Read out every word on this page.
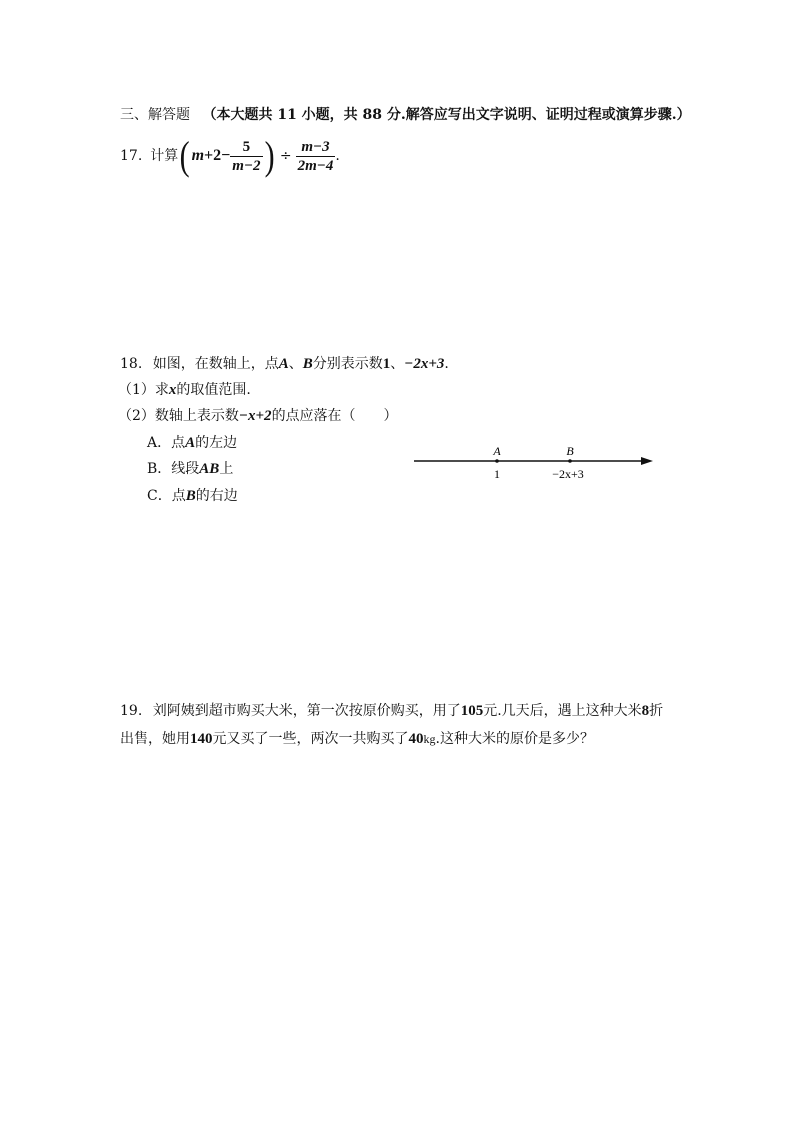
三、解答题 （本大题共 11 小题，共 88 分.解答应写出文字说明、证明过程或演算步骤.）
17. 计算 ( $m +2- \frac{5}{m-2}$ ) ÷ $\frac{m-3}{2m-4}$ .
18. 如图，在数轴上，点A、B分别表示数1、−2x+3.
（1）求x的取值范围.
（2）数轴上表示数−x+2的点应落在（　　）
A．点A的左边
B．线段AB上
C．点B的右边
A	B
1	−2x+3
19. 刘阿姨到超市购买大米，第一次按原价购买，用了105元.几天后，遇上这种大米8折
出售，她用140元又买了一些，两次一共购买了40kg.这种大米的原价是多少？
